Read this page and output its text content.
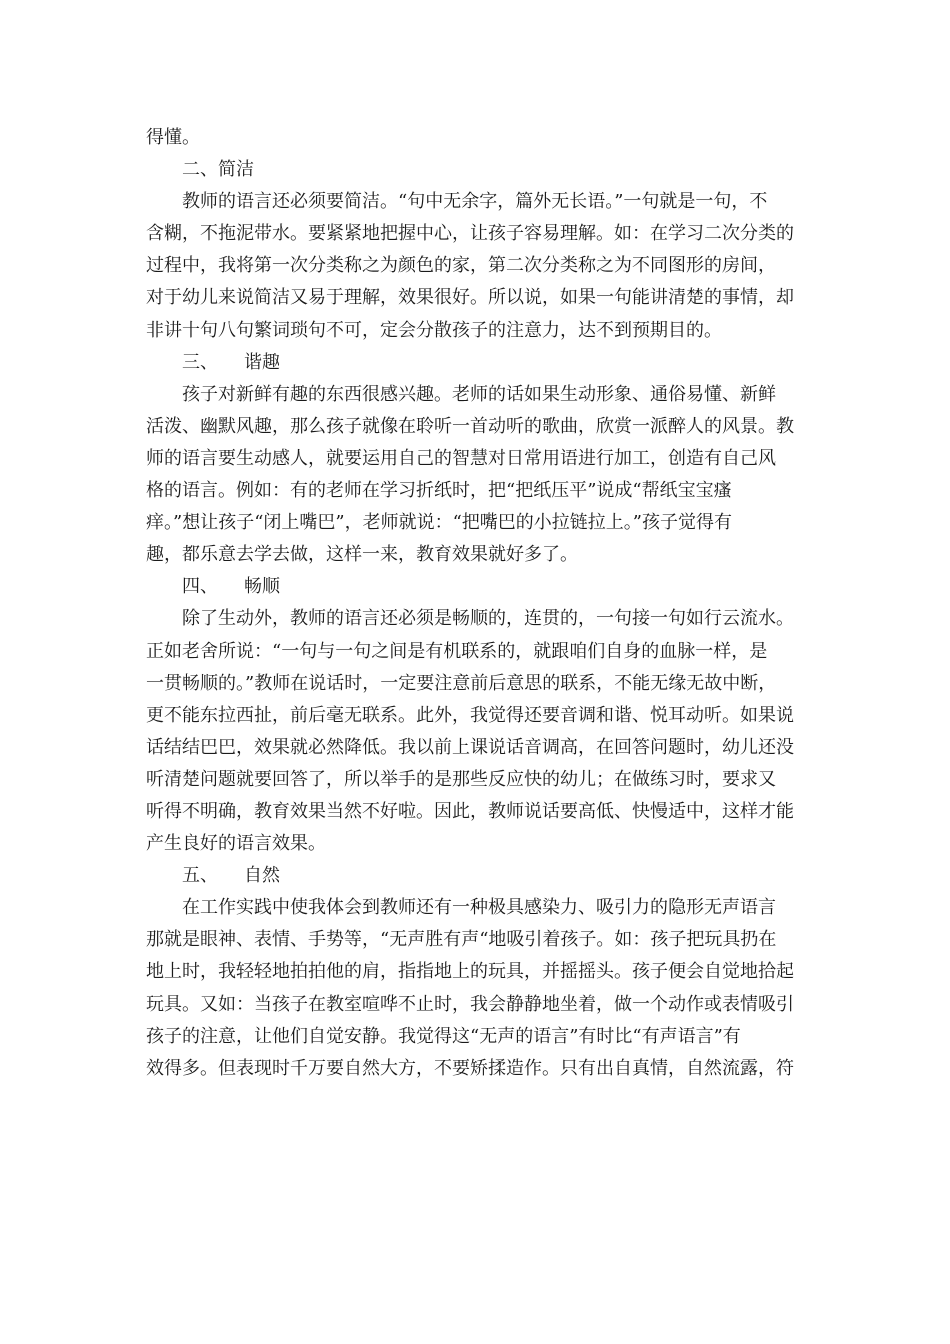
得懂。
二、简洁
教师的语言还必须要简洁。“句中无余字，篇外无长语。”一句就是一句，不
含糊，不拖泥带水。要紧紧地把握中心，让孩子容易理解。如：在学习二次分类的
过程中，我将第一次分类称之为颜色的家，第二次分类称之为不同图形的房间，
对于幼儿来说简洁又易于理解，效果很好。所以说，如果一句能讲清楚的事情，却
非讲十句八句繁词琐句不可，定会分散孩子的注意力，达不到预期目的。
三、 谐趣
孩子对新鲜有趣的东西很感兴趣。老师的话如果生动形象、通俗易懂、新鲜
活泼、幽默风趣，那么孩子就像在聆听一首动听的歌曲，欣赏一派醉人的风景。教
师的语言要生动感人，就要运用自己的智慧对日常用语进行加工，创造有自己风
格的语言。例如：有的老师在学习折纸时，把“把纸压平”说成“帮纸宝宝瘙
痒。”想让孩子“闭上嘴巴”，老师就说：“把嘴巴的小拉链拉上。”孩子觉得有
趣，都乐意去学去做，这样一来，教育效果就好多了。
四、 畅顺
除了生动外，教师的语言还必须是畅顺的，连贯的，一句接一句如行云流水。
正如老舍所说：“一句与一句之间是有机联系的，就跟咱们自身的血脉一样，是
一贯畅顺的。”教师在说话时，一定要注意前后意思的联系，不能无缘无故中断，
更不能东拉西扯，前后毫无联系。此外，我觉得还要音调和谐、悦耳动听。如果说
话结结巴巴，效果就必然降低。我以前上课说话音调高，在回答问题时，幼儿还没
听清楚问题就要回答了，所以举手的是那些反应快的幼儿；在做练习时，要求又
听得不明确，教育效果当然不好啦。因此，教师说话要高低、快慢适中，这样才能
产生良好的语言效果。
五、 自然
在工作实践中使我体会到教师还有一种极具感染力、吸引力的隐形无声语言
那就是眼神、表情、手势等，“无声胜有声“地吸引着孩子。如：孩子把玩具扔在
地上时，我轻轻地拍拍他的肩，指指地上的玩具，并摇摇头。孩子便会自觉地拾起
玩具。又如：当孩子在教室喧哗不止时，我会静静地坐着，做一个动作或表情吸引
孩子的注意，让他们自觉安静。我觉得这“无声的语言”有时比“有声语言”有
效得多。但表现时千万要自然大方，不要矫揉造作。只有出自真情，自然流露，符
